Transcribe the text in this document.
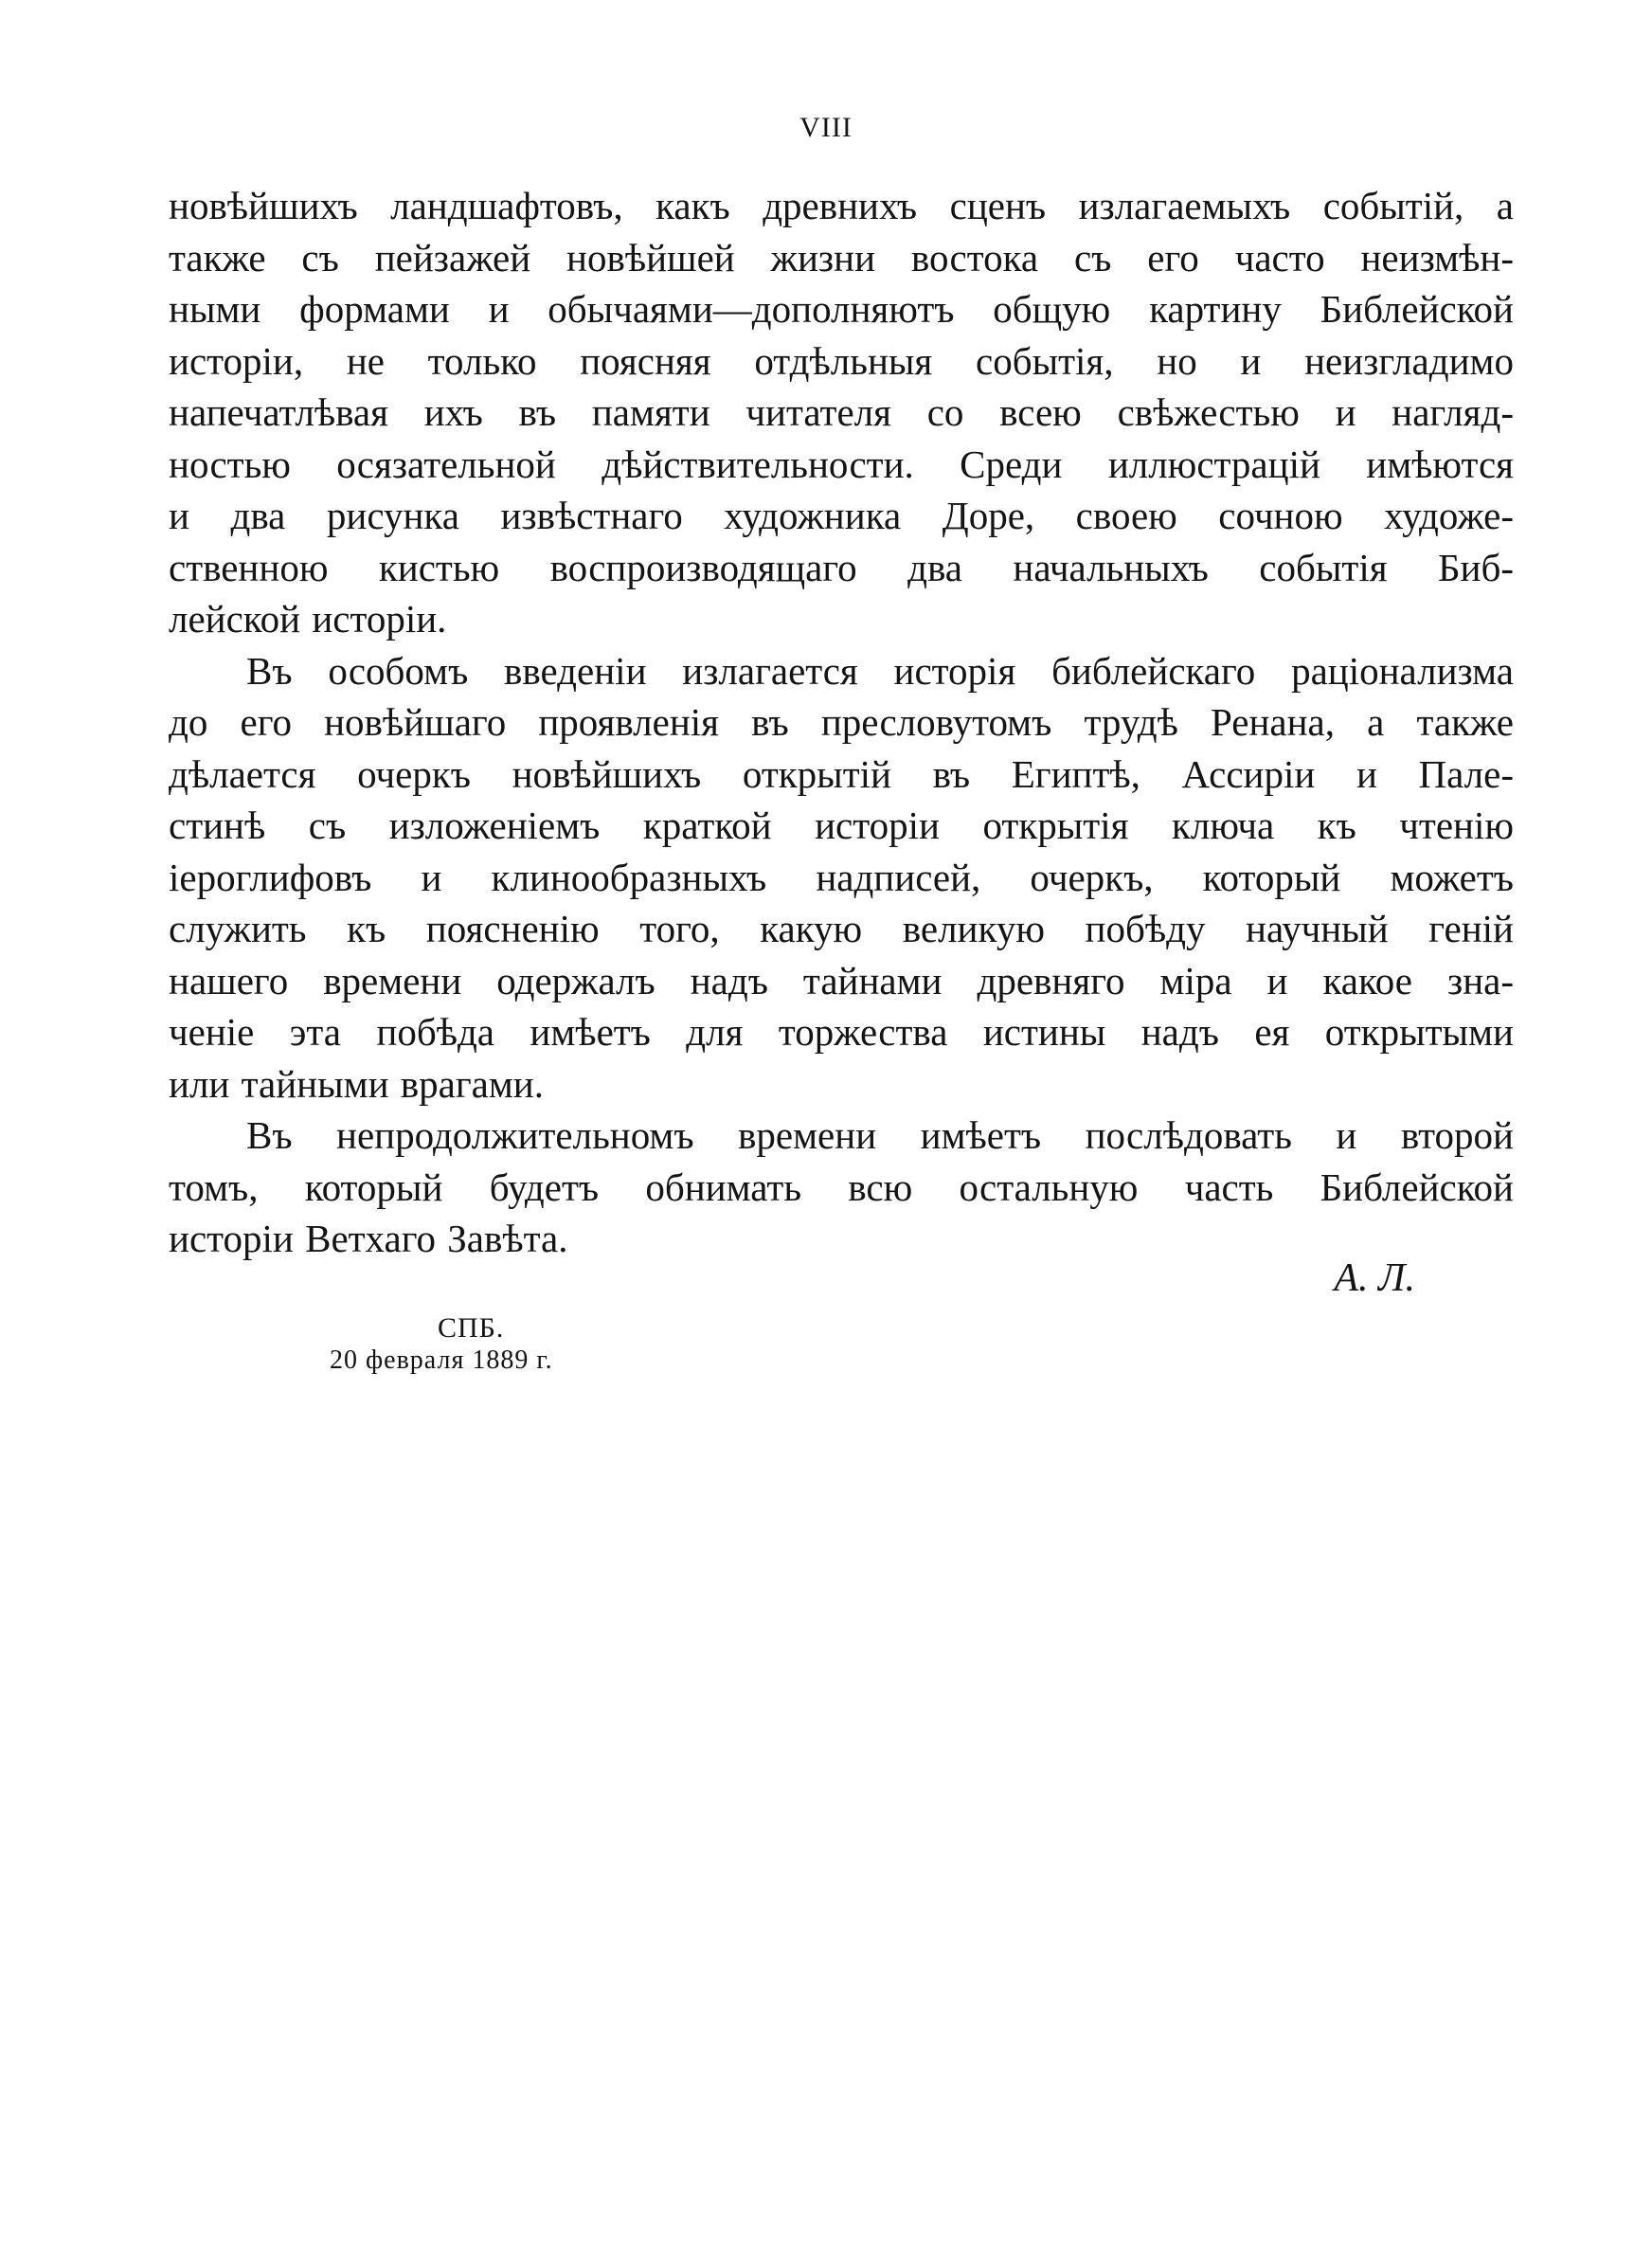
VIII
новѣйшихъ ландшафтовъ, какъ древнихъ сценъ излагаемыхъ событій, а
также съ пейзажей новѣйшей жизни востока съ его часто неизмѣн-
ными формами и обычаями—дополняютъ общую картину Библейской
исторіи, не только поясняя отдѣльныя событія, но и неизгладимо
напечатлѣвая ихъ въ памяти читателя со всею свѣжестью и нагляд-
ностью осязательной дѣйствительности. Среди иллюстрацій имѣются
и два рисунка извѣстнаго художника Доре, своею сочною художе-
ственною кистью воспроизводящаго два начальныхъ событія Биб-
лейской исторіи.
Въ особомъ введеніи излагается исторія библейскаго раціонализма
до его новѣйшаго проявленія въ пресловутомъ трудѣ Ренана, а также
дѣлается очеркъ новѣйшихъ открытій въ Египтѣ, Ассиріи и Пале-
стинѣ съ изложеніемъ краткой исторіи открытія ключа къ чтенію
іероглифовъ и клинообразныхъ надписей, очеркъ, который можетъ
служить къ поясненію того, какую великую побѣду научный геній
нашего времени одержалъ надъ тайнами древняго міра и какое зна-
ченіе эта побѣда имѣетъ для торжества истины надъ ея открытыми
или тайными врагами.
Въ непродолжительномъ времени имѣетъ послѣдовать и второй
томъ, который будетъ обнимать всю остальную часть Библейской
исторіи Ветхаго Завѣта.
А. Л.
СПБ.
20 февраля 1889 г.
